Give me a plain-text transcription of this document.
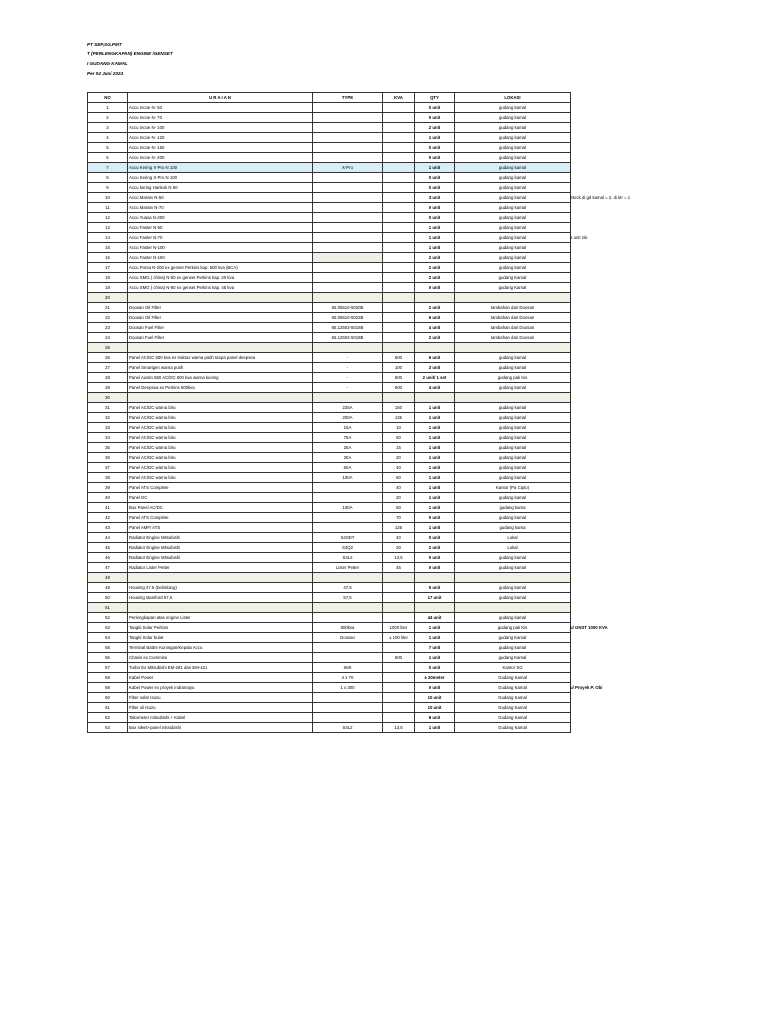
PT SEP,SG,PMT
T (PERLENGKAPAN) ENGINE /GENSET
I GUDANG KAMAL
Per 04 Juni 2024
NO	U R A I A N	TYPE	KVA	QTY	LOKASI
1	Accu Incoe N- 50			0 unit	gudang kamal
2	Accu Incoe N- 70			0 unit	gudang kamal
3	Accu Incoe N- 100			2 unit	gudang kamal
4	Accu Incoe N- 120			1 unit	gudang kamal
5	Accu Incoe N- 150			0 unit	gudang kamal
6	Accu Incoe N- 200			0 unit	gudang kamal
7	Accu Kering X-Pro N 100	X-Pro		1 unit	gudang kamal
8	Accu Kering X-Pro N 100			0 unit	gudang kamal
9	Accu kering Hankok N 50			0 unit	gudang kamal
10	Accu Massiv N-50			3 unit	gudang kamal
11	Accu Massiv N-70			0 unit	gudang kamal
12	Accu Yuasa N-200			0 unit	gudang kamal
13	Accu Faster N-50			1 unit	gudang kamal
14	Accu Faster N-70			1 unit	gudang kamal
15	Accu Faster N-100			1 unit	gudang kamal
16	Accu Faster N-150			2 unit	gudang kamal
17	Accu Porsa N-200 ex genset Perkins kap. 500 kva (BCA)			2 unit	gudang kamal
18	Accu SMG ( china) N-50 ex genset Perkins kap. 20 kva			2 unit	gudang Kamal
19	Accu SMG ( china) N-80 ex genset Perkins kap. 45 kva			0 unit	gudang Kamal
20					
21	Doosan Oil Filter	65.05510-5020B		2 unit	tambahan dari Doosan
22	Doosan Oil Filter	65.05510-5022B		6 unit	tambahan dari Doosan
23	Doosan Fuel Filter	65.12503-5016B		4 unit	tambahan dari Doosan
24	Doosan Fuel Filter	65.12503-5018B		2 unit	tambahan dari Doosan
25					
26	Panel AC/DC 500 kva ex traktus warna putih tanpa panel deepsea	-	500	6 unit	gudang kamal
27	Panel Smartgen warna putih	-	100	3 unit	gudang kamal
28	Panel Austin 550 AC/DC 500 kva warna kuning	-	500	2 unit/ 1 set	gudang pak Kis
29	Panel Deepsea ex Perkins 500kva	-	500	4 unit	gudang kamal
30					
31	Panel AC/DC warna biru	225A	150	1 unit	gudang kamal
32	Panel AC/DC warna biru	200A	135	1 unit	gudang kamal
33	Panel AC/DC warna biru	15A	10	1 unit	gudang kamal
34	Panel AC/DC warna biru	75A	50	1 unit	gudang kamal
35	Panel AC/DC warna biru	25A	15	1 unit	gudang kamal
36	Panel AC/DC warna biru	30A	20	1 unit	gudang kamal
37	Panel AC/DC warna biru	60A	40	1 unit	gudang kamal
38	Panel AC/DC warna biru	100A	60	1 unit	gudang kamal
39	Panel ATS Complete		40	1 unit	Kantor (Pa Cipto)
40	Panel DC		20	1 unit	gudang kamal
41	Box Panel AC/DC	100A	60	1 unit	gudang kama
42	Panel ATS Complete		70	0 unit	gudang kamal
43	Panel AMF/ ATS		125	1 unit	gudang kama
44	Radiator Engine Mitsubishi	S4SDT	40	0 unit	Lokal
45	Radiator Engine Mitsubishi	S4Q2	20	2 unit	Lokal
46	Radiator Engine Mitsubishi	S4L2	13,5	0 unit	gudang kamal
47	Radiator Lister Petter	Lister Petter	45	0 unit	gudang kamal
48					
49	Housing 47.5 (belimbing)	47.5		5 unit	gudang kamal
50	Housing stamford 57,5	57,5		17 unit	gudang kamal
51					
52	Perlengkapan atas engine Lister			44 unit	gudang kamal
53	Tangki Solar Perkins	800kva	1000 liter	1 unit	gudang pak Kis
54	Tangki Solar bulat	Doosan	± 100 liter	1 unit	gudang Kamal
55	Terminal Battre Kuningan/Kepala Accu			7 unit	gudang kamal
56	Chasis ex Cummins		500	1 unit	gudang Kamal
57	Turbo Ex Mitsubishi EM-291 dan EM-421	S6K		0 unit	Kantor SG
58	Kabel Power	4 x 70		± 20meter	Gudang Kamal
59	Kabel Power ex proyek indramayu	1 x 300		0 unit	Gudang Kamal
60	Filter solar Isuzu			10 unit	Gudang Kamal
61	Filter oli Isuzu			10 unit	Gudang Kamal
62	Takometer mitsubishi + Kabel			8 unit	Gudang Kamal
63	Box silent+panel mitsubishi	S4L2	13,5	1 unit	Gudang Kamal
Stock di gd kamal = 2, di ktr = 1
1 unit rsk
u/ GNST 1000 KVA
u/ Proyek P. Obi
